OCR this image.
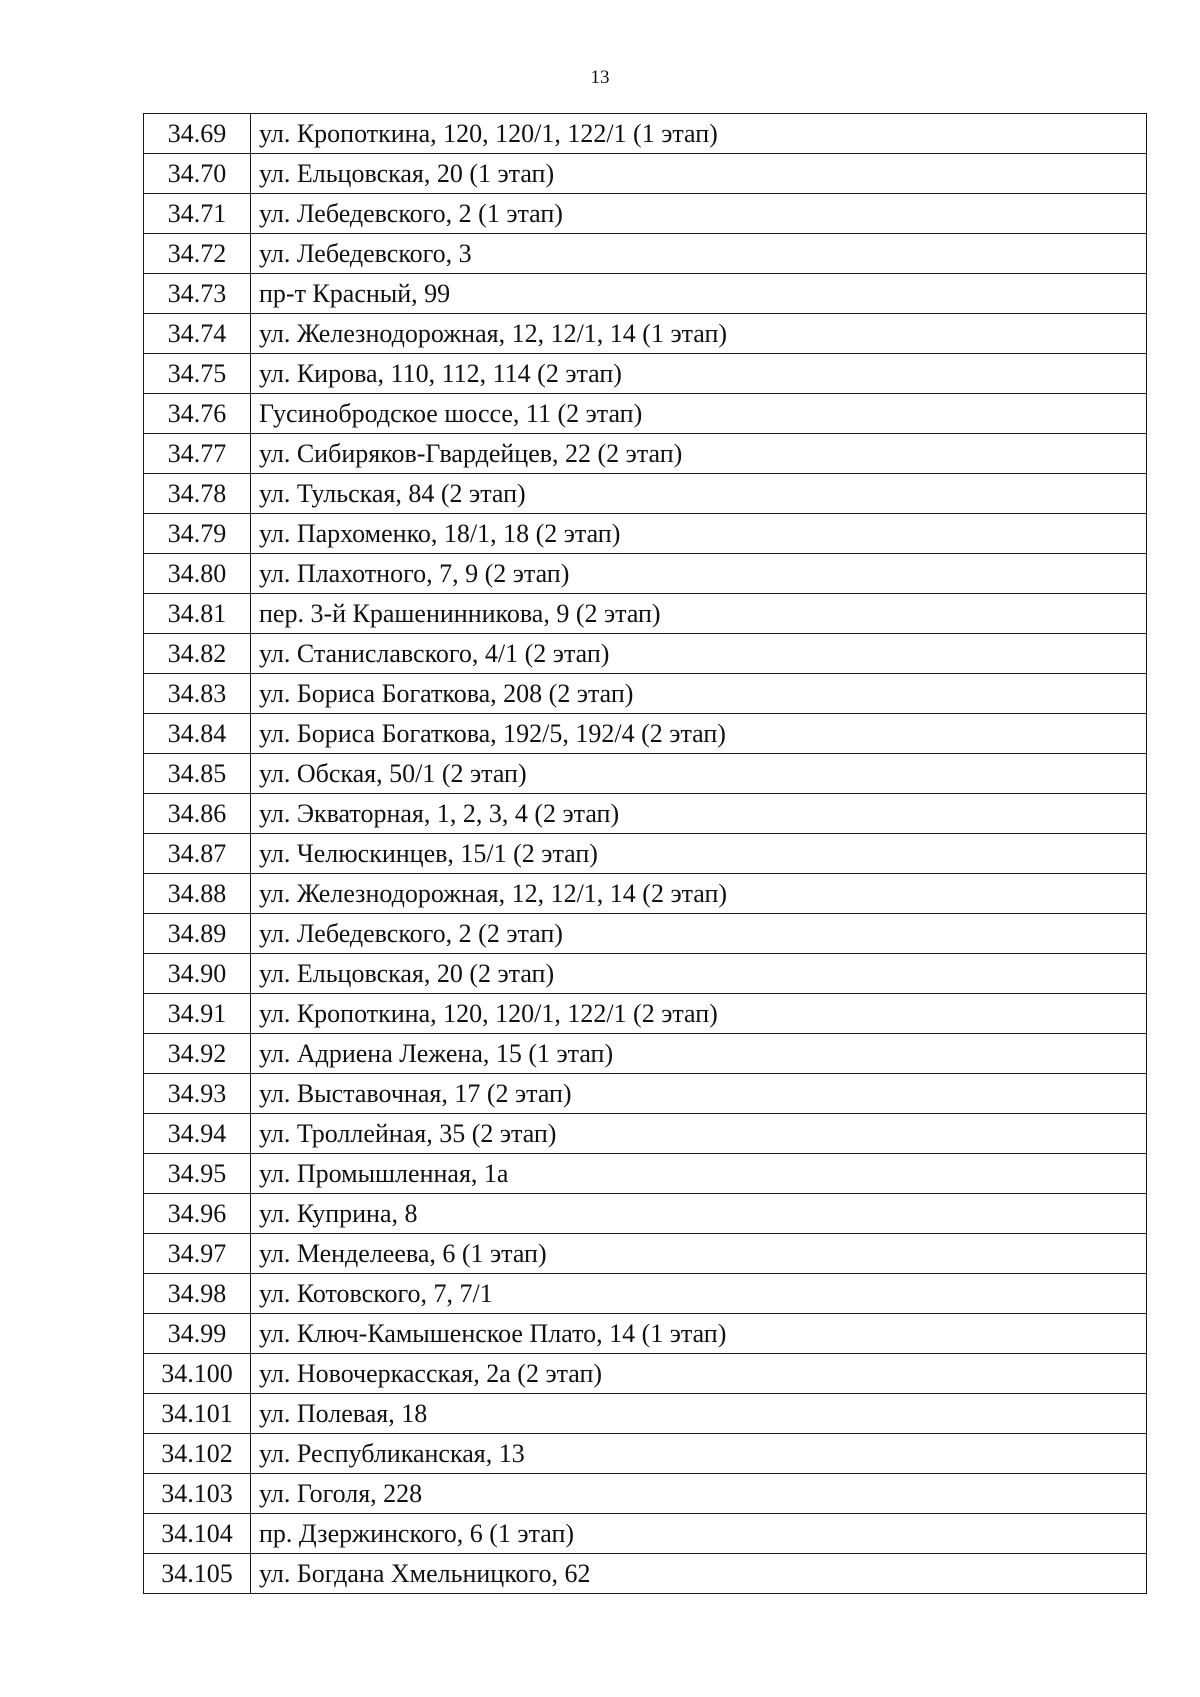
13
34.69	ул. Кропоткина, 120, 120/1, 122/1 (1 этап)
34.70	ул. Ельцовская, 20 (1 этап)
34.71	ул. Лебедевского, 2 (1 этап)
34.72	ул. Лебедевского, 3
34.73	пр-т Красный, 99
34.74	ул. Железнодорожная, 12, 12/1, 14 (1 этап)
34.75	ул. Кирова, 110, 112, 114 (2 этап)
34.76	Гусинобродское шоссе, 11 (2 этап)
34.77	ул. Сибиряков-Гвардейцев, 22 (2 этап)
34.78	ул. Тульская, 84 (2 этап)
34.79	ул. Пархоменко, 18/1, 18 (2 этап)
34.80	ул. Плахотного, 7, 9 (2 этап)
34.81	пер. 3-й Крашенинникова, 9 (2 этап)
34.82	ул. Станиславского, 4/1 (2 этап)
34.83	ул. Бориса Богаткова, 208 (2 этап)
34.84	ул. Бориса Богаткова, 192/5, 192/4 (2 этап)
34.85	ул. Обская, 50/1 (2 этап)
34.86	ул. Экваторная, 1, 2, 3, 4 (2 этап)
34.87	ул. Челюскинцев, 15/1 (2 этап)
34.88	ул. Железнодорожная, 12, 12/1, 14 (2 этап)
34.89	ул. Лебедевского, 2 (2 этап)
34.90	ул. Ельцовская, 20 (2 этап)
34.91	ул. Кропоткина, 120, 120/1, 122/1 (2 этап)
34.92	ул. Адриена Лежена, 15 (1 этап)
34.93	ул. Выставочная, 17 (2 этап)
34.94	ул. Троллейная, 35 (2 этап)
34.95	ул. Промышленная, 1а
34.96	ул. Куприна, 8
34.97	ул. Менделеева, 6 (1 этап)
34.98	ул. Котовского, 7, 7/1
34.99	ул. Ключ-Камышенское Плато, 14 (1 этап)
34.100	ул. Новочеркасская, 2а (2 этап)
34.101	ул. Полевая, 18
34.102	ул. Республиканская, 13
34.103	ул. Гоголя, 228
34.104	пр. Дзержинского, 6 (1 этап)
34.105	ул. Богдана Хмельницкого, 62
